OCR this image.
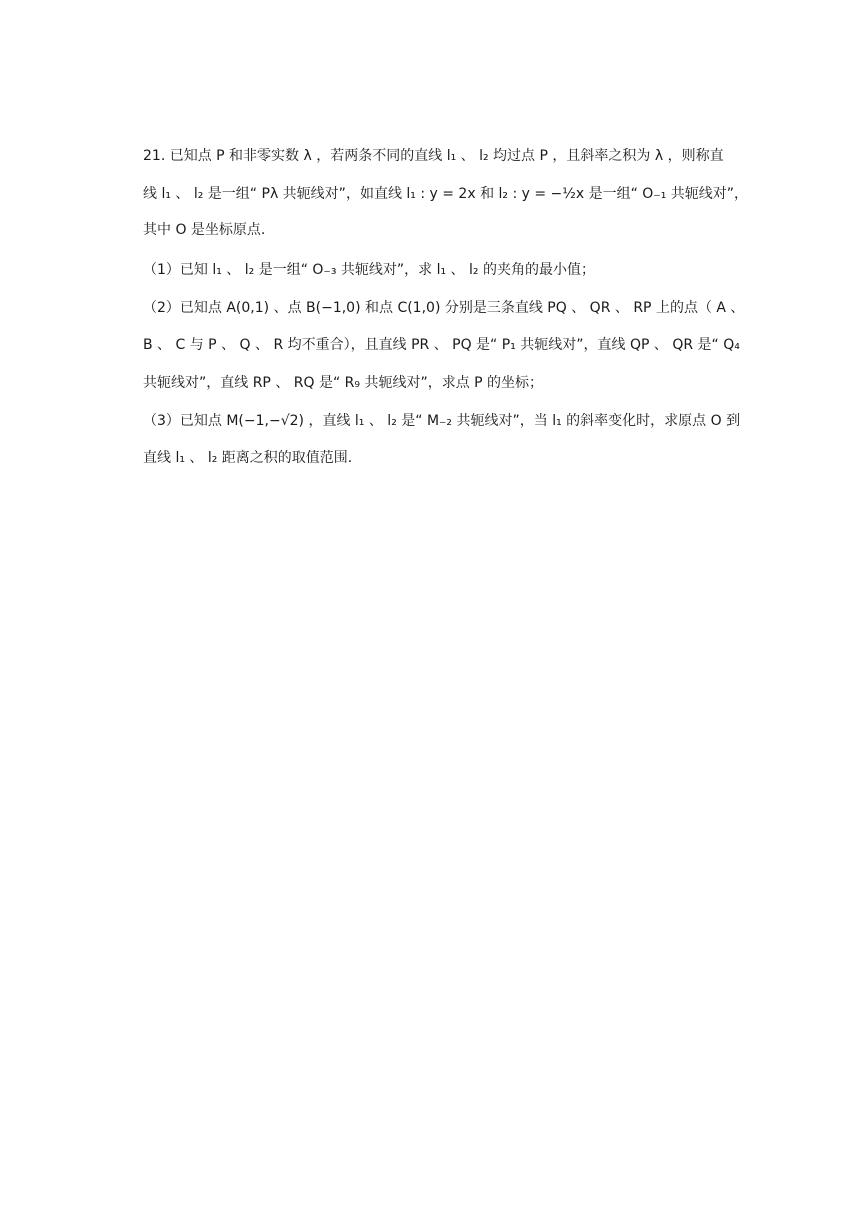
21. 已知点 P 和非零实数 λ ，若两条不同的直线 l₁ 、 l₂ 均过点 P ，且斜率之积为 λ ，则称直
线 l₁ 、 l₂ 是一组“ Pλ 共轭线对”，如直线 l₁ : y = 2x 和 l₂ : y = −½x 是一组“ O₋₁ 共轭线对”，
其中 O 是坐标原点.
（1）已知 l₁ 、 l₂ 是一组“ O₋₃ 共轭线对”，求 l₁ 、 l₂ 的夹角的最小值；
（2）已知点 A(0,1) 、点 B(−1,0) 和点 C(1,0) 分别是三条直线 PQ 、 QR 、 RP 上的点（ A 、
B 、 C 与 P 、 Q 、 R 均不重合），且直线 PR 、 PQ 是“ P₁ 共轭线对”，直线 QP 、 QR 是“ Q₄
共轭线对”，直线 RP 、 RQ 是“ R₉ 共轭线对”，求点 P 的坐标；
（3）已知点 M(−1,−√2) ，直线 l₁ 、 l₂ 是“ M₋₂ 共轭线对”，当 l₁ 的斜率变化时，求原点 O 到
直线 l₁ 、 l₂ 距离之积的取值范围.
